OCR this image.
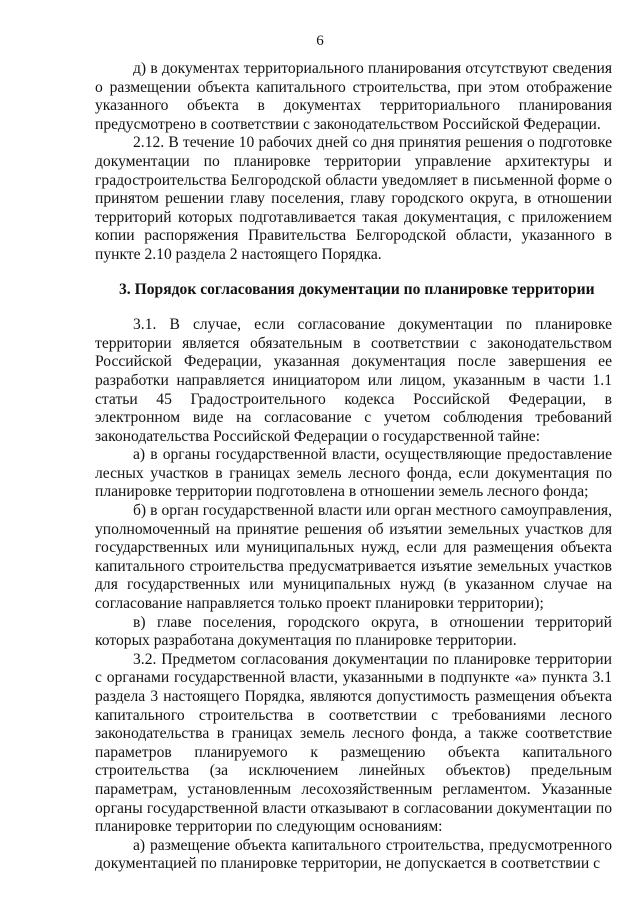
6

д) в документах территориального планирования отсутствуют сведения о размещении объекта капитального строительства, при этом отображение указанного объекта в документах территориального планирования предусмотрено в соответствии с законодательством Российской Федерации.

2.12. В течение 10 рабочих дней со дня принятия решения о подготовке документации по планировке территории управление архитектуры и градостроительства Белгородской области уведомляет в письменной форме о принятом решении главу поселения, главу городского округа, в отношении территорий которых подготавливается такая документация, с приложением копии распоряжения Правительства Белгородской области, указанного в пункте 2.10 раздела 2 настоящего Порядка.

3. Порядок согласования документации по планировке территории

3.1. В случае, если согласование документации по планировке территории является обязательным в соответствии с законодательством Российской Федерации, указанная документация после завершения ее разработки направляется инициатором или лицом, указанным в части 1.1 статьи 45 Градостроительного кодекса Российской Федерации, в электронном виде на согласование с учетом соблюдения требований законодательства Российской Федерации о государственной тайне:

а) в органы государственной власти, осуществляющие предоставление лесных участков в границах земель лесного фонда, если документация по планировке территории подготовлена в отношении земель лесного фонда;

б) в орган государственной власти или орган местного самоуправления, уполномоченный на принятие решения об изъятии земельных участков для государственных или муниципальных нужд, если для размещения объекта капитального строительства предусматривается изъятие земельных участков для государственных или муниципальных нужд (в указанном случае на согласование направляется только проект планировки территории);

в) главе поселения, городского округа, в отношении территорий которых разработана документация по планировке территории.

3.2. Предметом согласования документации по планировке территории с органами государственной власти, указанными в подпункте «а» пункта 3.1 раздела 3 настоящего Порядка, являются допустимость размещения объекта капитального строительства в соответствии с требованиями лесного законодательства в границах земель лесного фонда, а также соответствие параметров планируемого к размещению объекта капитального строительства (за исключением линейных объектов) предельным параметрам, установленным лесохозяйственным регламентом. Указанные органы государственной власти отказывают в согласовании документации по планировке территории по следующим основаниям:

а) размещение объекта капитального строительства, предусмотренного документацией по планировке территории, не допускается в соответствии с
